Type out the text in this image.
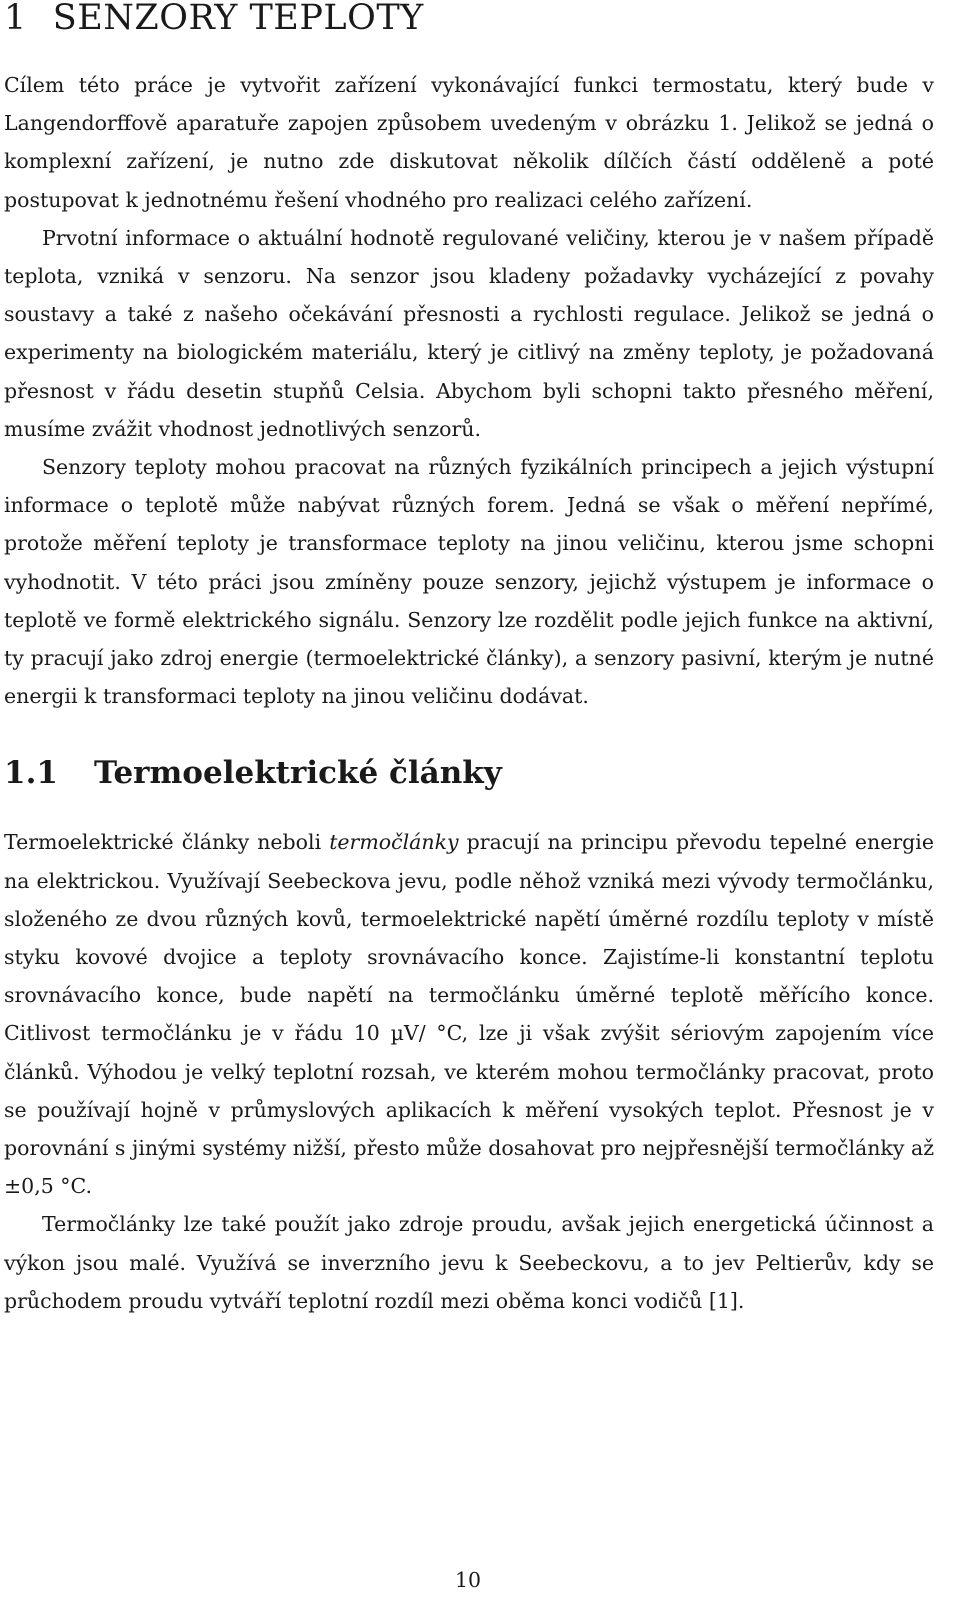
1 SENZORY TEPLOTY

Cílem této práce je vytvořit zařízení vykonávající funkci termostatu, který bude v Langendorffově aparatuře zapojen způsobem uvedeným v obrázku 1. Jelikož se jedná o komplexní zařízení, je nutno zde diskutovat několik dílčích částí odděleně a poté postupovat k jednotnému řešení vhodného pro realizaci celého zařízení.

Prvotní informace o aktuální hodnotě regulované veličiny, kterou je v našem případě teplota, vzniká v senzoru. Na senzor jsou kladeny požadavky vycházející z povahy soustavy a také z našeho očekávání přesnosti a rychlosti regulace. Jelikož se jedná o experimenty na biologickém materiálu, který je citlivý na změny teploty, je požadovaná přesnost v řádu desetin stupňů Celsia. Abychom byli schopni takto přesného měření, musíme zvážit vhodnost jednotlivých senzorů.

Senzory teploty mohou pracovat na různých fyzikálních principech a jejich výstupní informace o teplotě může nabývat různých forem. Jedná se však o měření nepřímé, protože měření teploty je transformace teploty na jinou veličinu, kterou jsme schopni vyhodnotit. V této práci jsou zmíněny pouze senzory, jejichž výstupem je informace o teplotě ve formě elektrického signálu. Senzory lze rozdělit podle jejich funkce na aktivní, ty pracují jako zdroj energie (termoelektrické články), a senzory pasivní, kterým je nutné energii k transformaci teploty na jinou veličinu dodávat.

1.1 Termoelektrické články

Termoelektrické články neboli termočlánky pracují na principu převodu tepelné energie na elektrickou. Využívají Seebeckova jevu, podle něhož vzniká mezi vývody termočlánku, složeného ze dvou různých kovů, termoelektrické napětí úměrné rozdílu teploty v místě styku kovové dvojice a teploty srovnávacího konce. Zajistíme-li konstantní teplotu srovnávacího konce, bude napětí na termočlánku úměrné teplotě měřícího konce. Citlivost termočlánku je v řádu 10 µV/ °C, lze ji však zvýšit sériovým zapojením více článků. Výhodou je velký teplotní rozsah, ve kterém mohou termočlánky pracovat, proto se používají hojně v průmyslových aplikacích k měření vysokých teplot. Přesnost je v porovnání s jinými systémy nižší, přesto může dosahovat pro nejpřesnější termočlánky až ±0,5 °C.

Termočlánky lze také použít jako zdroje proudu, avšak jejich energetická účinnost a výkon jsou malé. Využívá se inverzního jevu k Seebeckovu, a to jev Peltierův, kdy se průchodem proudu vytváří teplotní rozdíl mezi oběma konci vodičů [1].

10
